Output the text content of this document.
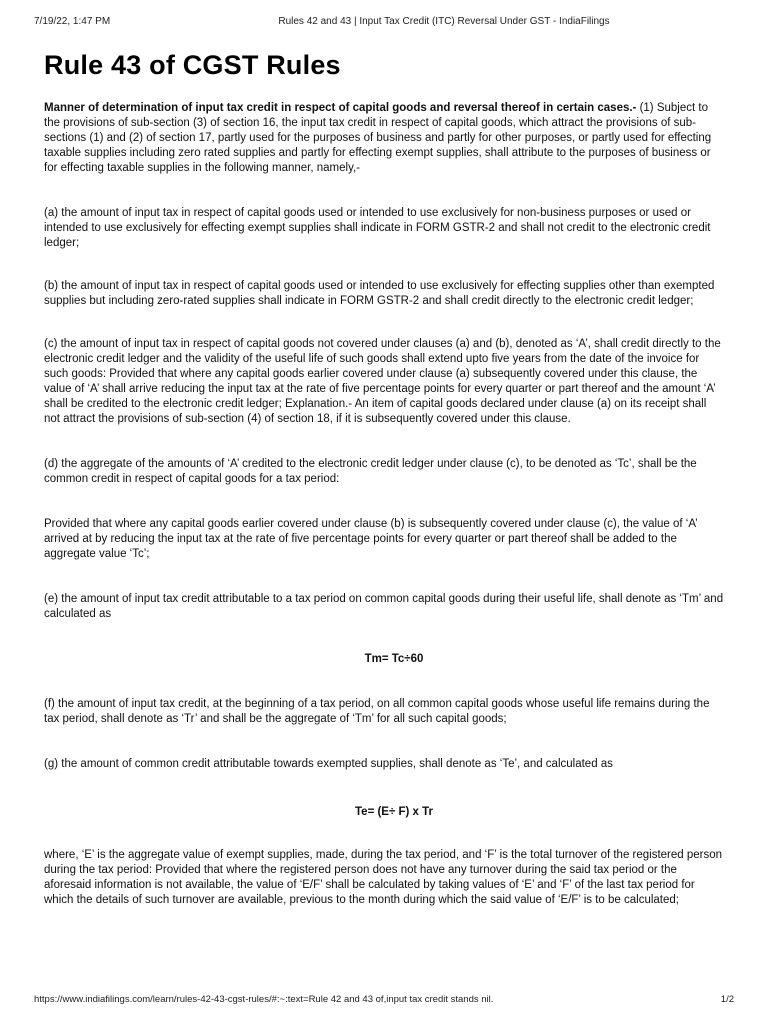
7/19/22, 1:47 PM	Rules 42 and 43 | Input Tax Credit (ITC) Reversal Under GST - IndiaFilings
Rule 43 of CGST Rules

Manner of determination of input tax credit in respect of capital goods and reversal thereof in certain cases.- (1) Subject to the provisions of sub-section (3) of section 16, the input tax credit in respect of capital goods, which attract the provisions of sub-sections (1) and (2) of section 17, partly used for the purposes of business and partly for other purposes, or partly used for effecting taxable supplies including zero rated supplies and partly for effecting exempt supplies, shall attribute to the purposes of business or for effecting taxable supplies in the following manner, namely,-

(a) the amount of input tax in respect of capital goods used or intended to use exclusively for non-business purposes or used or intended to use exclusively for effecting exempt supplies shall indicate in FORM GSTR-2 and shall not credit to the electronic credit ledger;

(b) the amount of input tax in respect of capital goods used or intended to use exclusively for effecting supplies other than exempted supplies but including zero-rated supplies shall indicate in FORM GSTR-2 and shall credit directly to the electronic credit ledger;

(c) the amount of input tax in respect of capital goods not covered under clauses (a) and (b), denoted as ‘A’, shall credit directly to the electronic credit ledger and the validity of the useful life of such goods shall extend upto five years from the date of the invoice for such goods: Provided that where any capital goods earlier covered under clause (a) subsequently covered under this clause, the value of ‘A’ shall arrive reducing the input tax at the rate of five percentage points for every quarter or part thereof and the amount ‘A’ shall be credited to the electronic credit ledger; Explanation.- An item of capital goods declared under clause (a) on its receipt shall not attract the provisions of sub-section (4) of section 18, if it is subsequently covered under this clause.

(d) the aggregate of the amounts of ‘A’ credited to the electronic credit ledger under clause (c), to be denoted as ‘Tc’, shall be the common credit in respect of capital goods for a tax period:

Provided that where any capital goods earlier covered under clause (b) is subsequently covered under clause (c), the value of ‘A’ arrived at by reducing the input tax at the rate of five percentage points for every quarter or part thereof shall be added to the aggregate value ‘Tc’;

(e) the amount of input tax credit attributable to a tax period on common capital goods during their useful life, shall denote as ‘Tm’ and calculated as

Tm= Tc÷60

(f) the amount of input tax credit, at the beginning of a tax period, on all common capital goods whose useful life remains during the tax period, shall denote as ‘Tr’ and shall be the aggregate of ‘Tm’ for all such capital goods;

(g) the amount of common credit attributable towards exempted supplies, shall denote as ‘Te’, and calculated as

Te= (E÷ F) x Tr

where, ‘E’ is the aggregate value of exempt supplies, made, during the tax period, and ‘F’ is the total turnover of the registered person during the tax period: Provided that where the registered person does not have any turnover during the said tax period or the aforesaid information is not available, the value of ‘E/F’ shall be calculated by taking values of ‘E’ and ‘F’ of the last tax period for which the details of such turnover are available, previous to the month during which the said value of ‘E/F’ is to be calculated;

https://www.indiafilings.com/learn/rules-42-43-cgst-rules/#:~:text=Rule 42 and 43 of,input tax credit stands nil.	1/2
